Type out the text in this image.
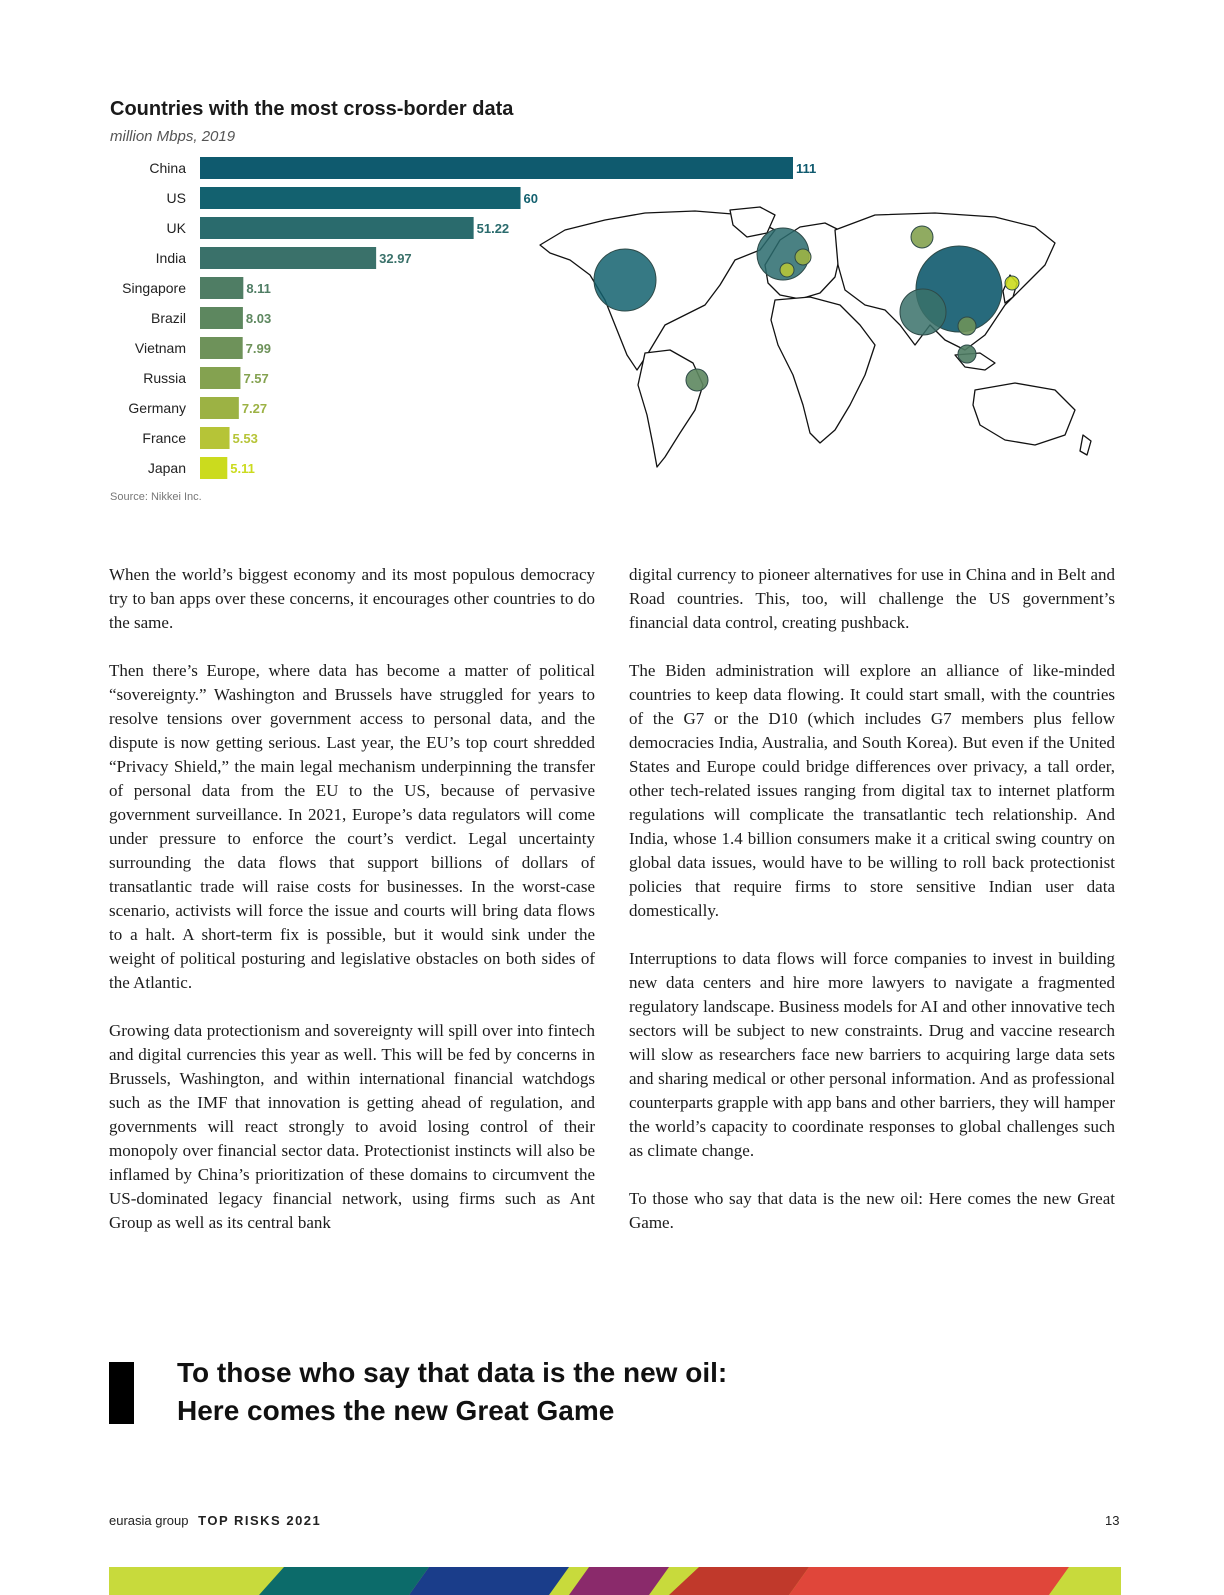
Countries with the most cross-border data
million Mbps, 2019
China	111
US	60
UK	51.22
India	32.97
Singapore	8.11
Brazil	8.03
Vietnam	7.99
Russia	7.57
Germany	7.27
France	5.53
Japan	5.11
Source: Nikkei Inc.

When the world’s biggest economy and its most populous democracy try to ban apps over these concerns, it encourages other countries to do the same.

Then there’s Europe, where data has become a matter of political “sovereignty.” Washington and Brussels have struggled for years to resolve tensions over government access to personal data, and the dispute is now getting serious. Last year, the EU’s top court shredded “Privacy Shield,” the main legal mechanism underpinning the transfer of personal data from the EU to the US, because of pervasive government surveillance. In 2021, Europe’s data regulators will come under pressure to enforce the court’s verdict. Legal uncertainty surrounding the data flows that support billions of dollars of transatlantic trade will raise costs for businesses. In the worst-case scenario, activists will force the issue and courts will bring data flows to a halt. A short-term fix is possible, but it would sink under the weight of political posturing and legislative obstacles on both sides of the Atlantic.

Growing data protectionism and sovereignty will spill over into fintech and digital currencies this year as well. This will be fed by concerns in Brussels, Washington, and within international financial watchdogs such as the IMF that innovation is getting ahead of regulation, and governments will react strongly to avoid losing control of their monopoly over financial sector data. Protectionist instincts will also be inflamed by China’s prioritization of these domains to circumvent the US-dominated legacy financial network, using firms such as Ant Group as well as its central bank

digital currency to pioneer alternatives for use in China and in Belt and Road countries. This, too, will challenge the US government’s financial data control, creating pushback.

The Biden administration will explore an alliance of like-minded countries to keep data flowing. It could start small, with the countries of the G7 or the D10 (which includes G7 members plus fellow democracies India, Australia, and South Korea). But even if the United States and Europe could bridge differences over privacy, a tall order, other tech-related issues ranging from digital tax to internet platform regulations will complicate the transatlantic tech relationship. And India, whose 1.4 billion consumers make it a critical swing country on global data issues, would have to be willing to roll back protectionist policies that require firms to store sensitive Indian user data domestically.

Interruptions to data flows will force companies to invest in building new data centers and hire more lawyers to navigate a fragmented regulatory landscape. Business models for AI and other innovative tech sectors will be subject to new constraints. Drug and vaccine research will slow as researchers face new barriers to acquiring large data sets and sharing medical or other personal information. And as professional counterparts grapple with app bans and other barriers, they will hamper the world’s capacity to coordinate responses to global challenges such as climate change.

To those who say that data is the new oil: Here comes the new Great Game.

To those who say that data is the new oil:
Here comes the new Great Game
eurasia group TOP RISKS 2021	13
